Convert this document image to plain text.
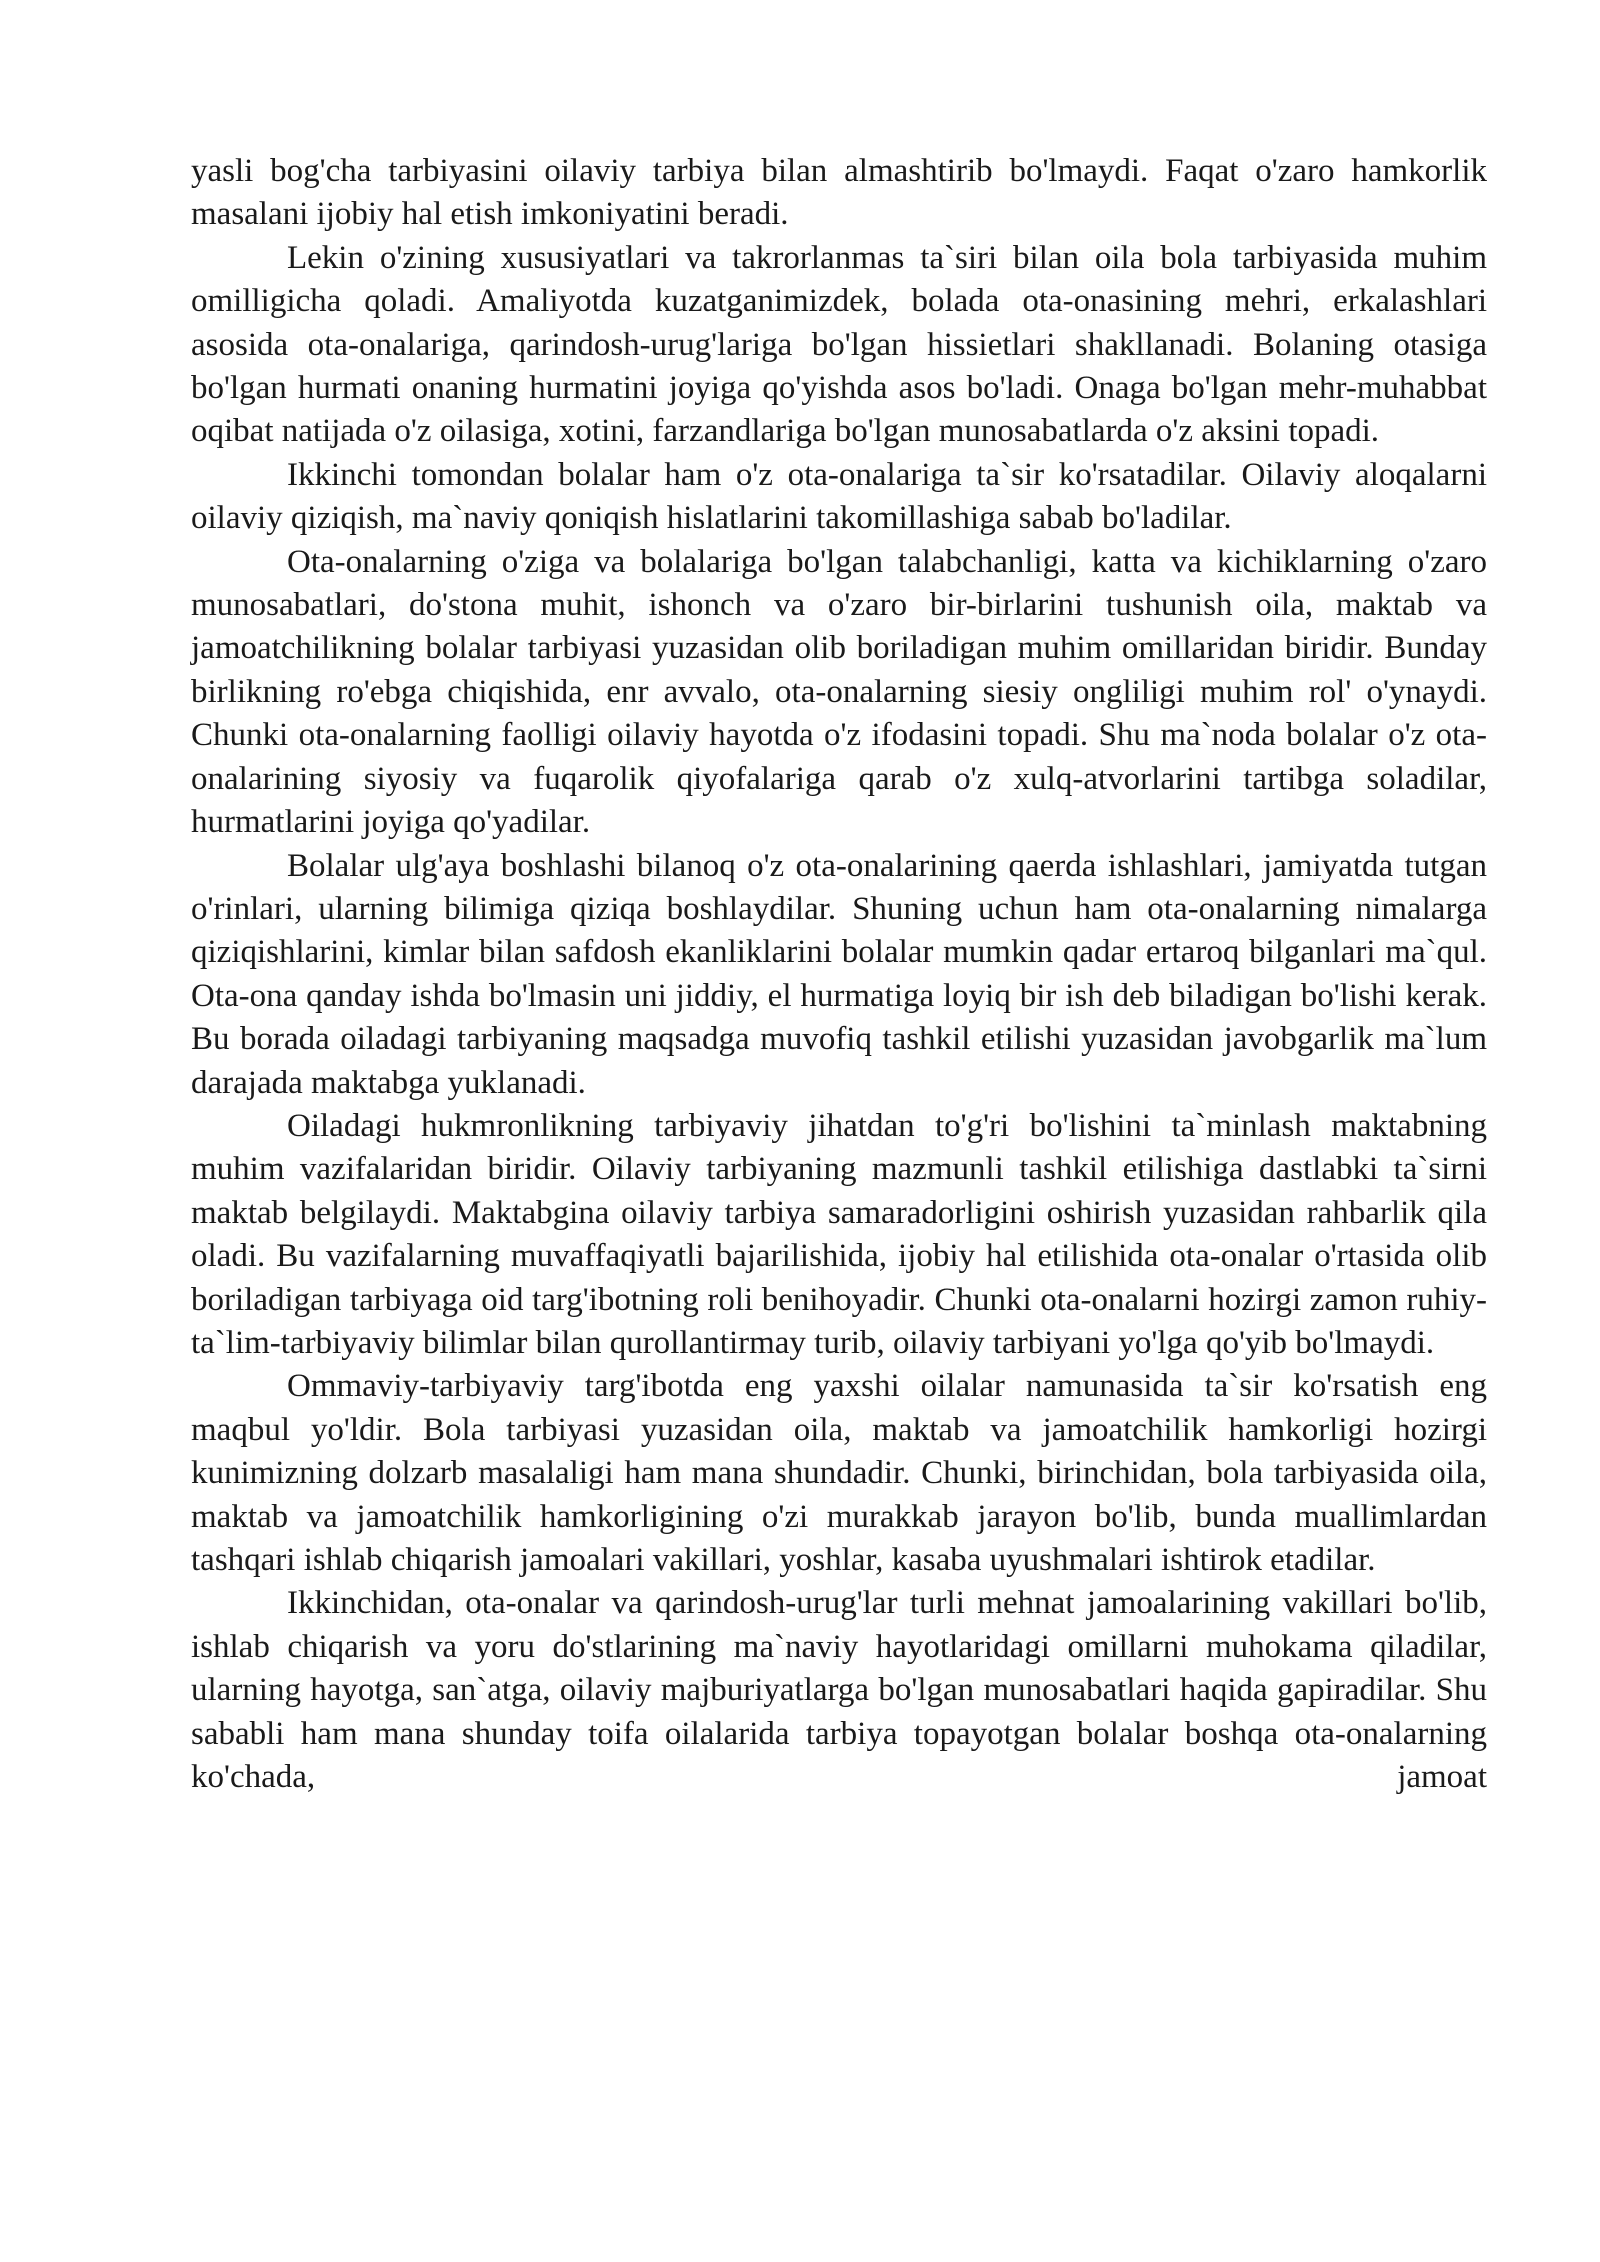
yasli bog'cha tarbiyasini oilaviy tarbiya bilan almashtirib bo'lmaydi. Faqat o'zaro hamkorlik masalani ijobiy hal etish imkoniyatini beradi.

Lekin o'zining xususiyatlari va takrorlanmas ta`siri bilan oila bola tarbiyasida muhim omilligicha qoladi. Amaliyotda kuzatganimizdek, bolada ota-onasining mehri, erkalashlari asosida ota-onalariga, qarindosh-urug'lariga bo'lgan hissietlari shakllanadi. Bolaning otasiga bo'lgan hurmati onaning hurmatini joyiga qo'yishda asos bo'ladi. Onaga bo'lgan mehr-muhabbat oqibat natijada o'z oilasiga, xotini, farzandlariga bo'lgan munosabatlarda o'z aksini topadi.

Ikkinchi tomondan bolalar ham o'z ota-onalariga ta`sir ko'rsatadilar. Oilaviy aloqalarni oilaviy qiziqish, ma`naviy qoniqish hislatlarini takomillashiga sabab bo'ladilar.

Ota-onalarning o'ziga va bolalariga bo'lgan talabchanligi, katta va kichiklarning o'zaro munosabatlari, do'stona muhit, ishonch va o'zaro bir-birlarini tushunish oila, maktab va jamoatchilikning bolalar tarbiyasi yuzasidan olib boriladigan muhim omillaridan biridir. Bunday birlikning ro'ebga chiqishida, enr avvalo, ota-onalarning siesiy ongliligi muhim rol' o'ynaydi. Chunki ota-onalarning faolligi oilaviy hayotda o'z ifodasini topadi. Shu ma`noda bolalar o'z ota-onalarining siyosiy va fuqarolik qiyofalariga qarab o'z xulq-atvorlarini tartibga soladilar, hurmatlarini joyiga qo'yadilar.

Bolalar ulg'aya boshlashi bilanoq o'z ota-onalarining qaerda ishlashlari, jamiyatda tutgan o'rinlari, ularning bilimiga qiziqa boshlaydilar. Shuning uchun ham ota-onalarning nimalarga qiziqishlarini, kimlar bilan safdosh ekanliklarini bolalar mumkin qadar ertaroq bilganlari ma`qul. Ota-ona qanday ishda bo'lmasin uni jiddiy, el hurmatiga loyiq bir ish deb biladigan bo'lishi kerak. Bu borada oiladagi tarbiyaning maqsadga muvofiq tashkil etilishi yuzasidan javobgarlik ma`lum darajada maktabga yuklanadi.

Oiladagi hukmronlikning tarbiyaviy jihatdan to'g'ri bo'lishini ta`minlash maktabning muhim vazifalaridan biridir. Oilaviy tarbiyaning mazmunli tashkil etilishiga dastlabki ta`sirni maktab belgilaydi. Maktabgina oilaviy tarbiya samaradorligini oshirish yuzasidan rahbarlik qila oladi. Bu vazifalarning muvaffaqiyatli bajarilishida, ijobiy hal etilishida ota-onalar o'rtasida olib boriladigan tarbiyaga oid targ'ibotning roli benihoyadir. Chunki ota-onalarni hozirgi zamon ruhiy-ta`lim-tarbiyaviy bilimlar bilan qurollantirmay turib, oilaviy tarbiyani yo'lga qo'yib bo'lmaydi.

Ommaviy-tarbiyaviy targ'ibotda eng yaxshi oilalar namunasida ta`sir ko'rsatish eng maqbul yo'ldir. Bola tarbiyasi yuzasidan oila, maktab va jamoatchilik hamkorligi hozirgi kunimizning dolzarb masalaligi ham mana shundadir. Chunki, birinchidan, bola tarbiyasida oila, maktab va jamoatchilik hamkorligining o'zi murakkab jarayon bo'lib, bunda muallimlardan tashqari ishlab chiqarish jamoalari vakillari, yoshlar, kasaba uyushmalari ishtirok etadilar.

Ikkinchidan, ota-onalar va qarindosh-urug'lar turli mehnat jamoalarining vakillari bo'lib, ishlab chiqarish va yoru do'stlarining ma`naviy hayotlaridagi omillarni muhokama qiladilar, ularning hayotga, san`atga, oilaviy majburiyatlarga bo'lgan munosabatlari haqida gapiradilar. Shu sababli ham mana shunday toifa oilalarida tarbiya topayotgan bolalar boshqa ota-onalarning ko'chada, jamoat
